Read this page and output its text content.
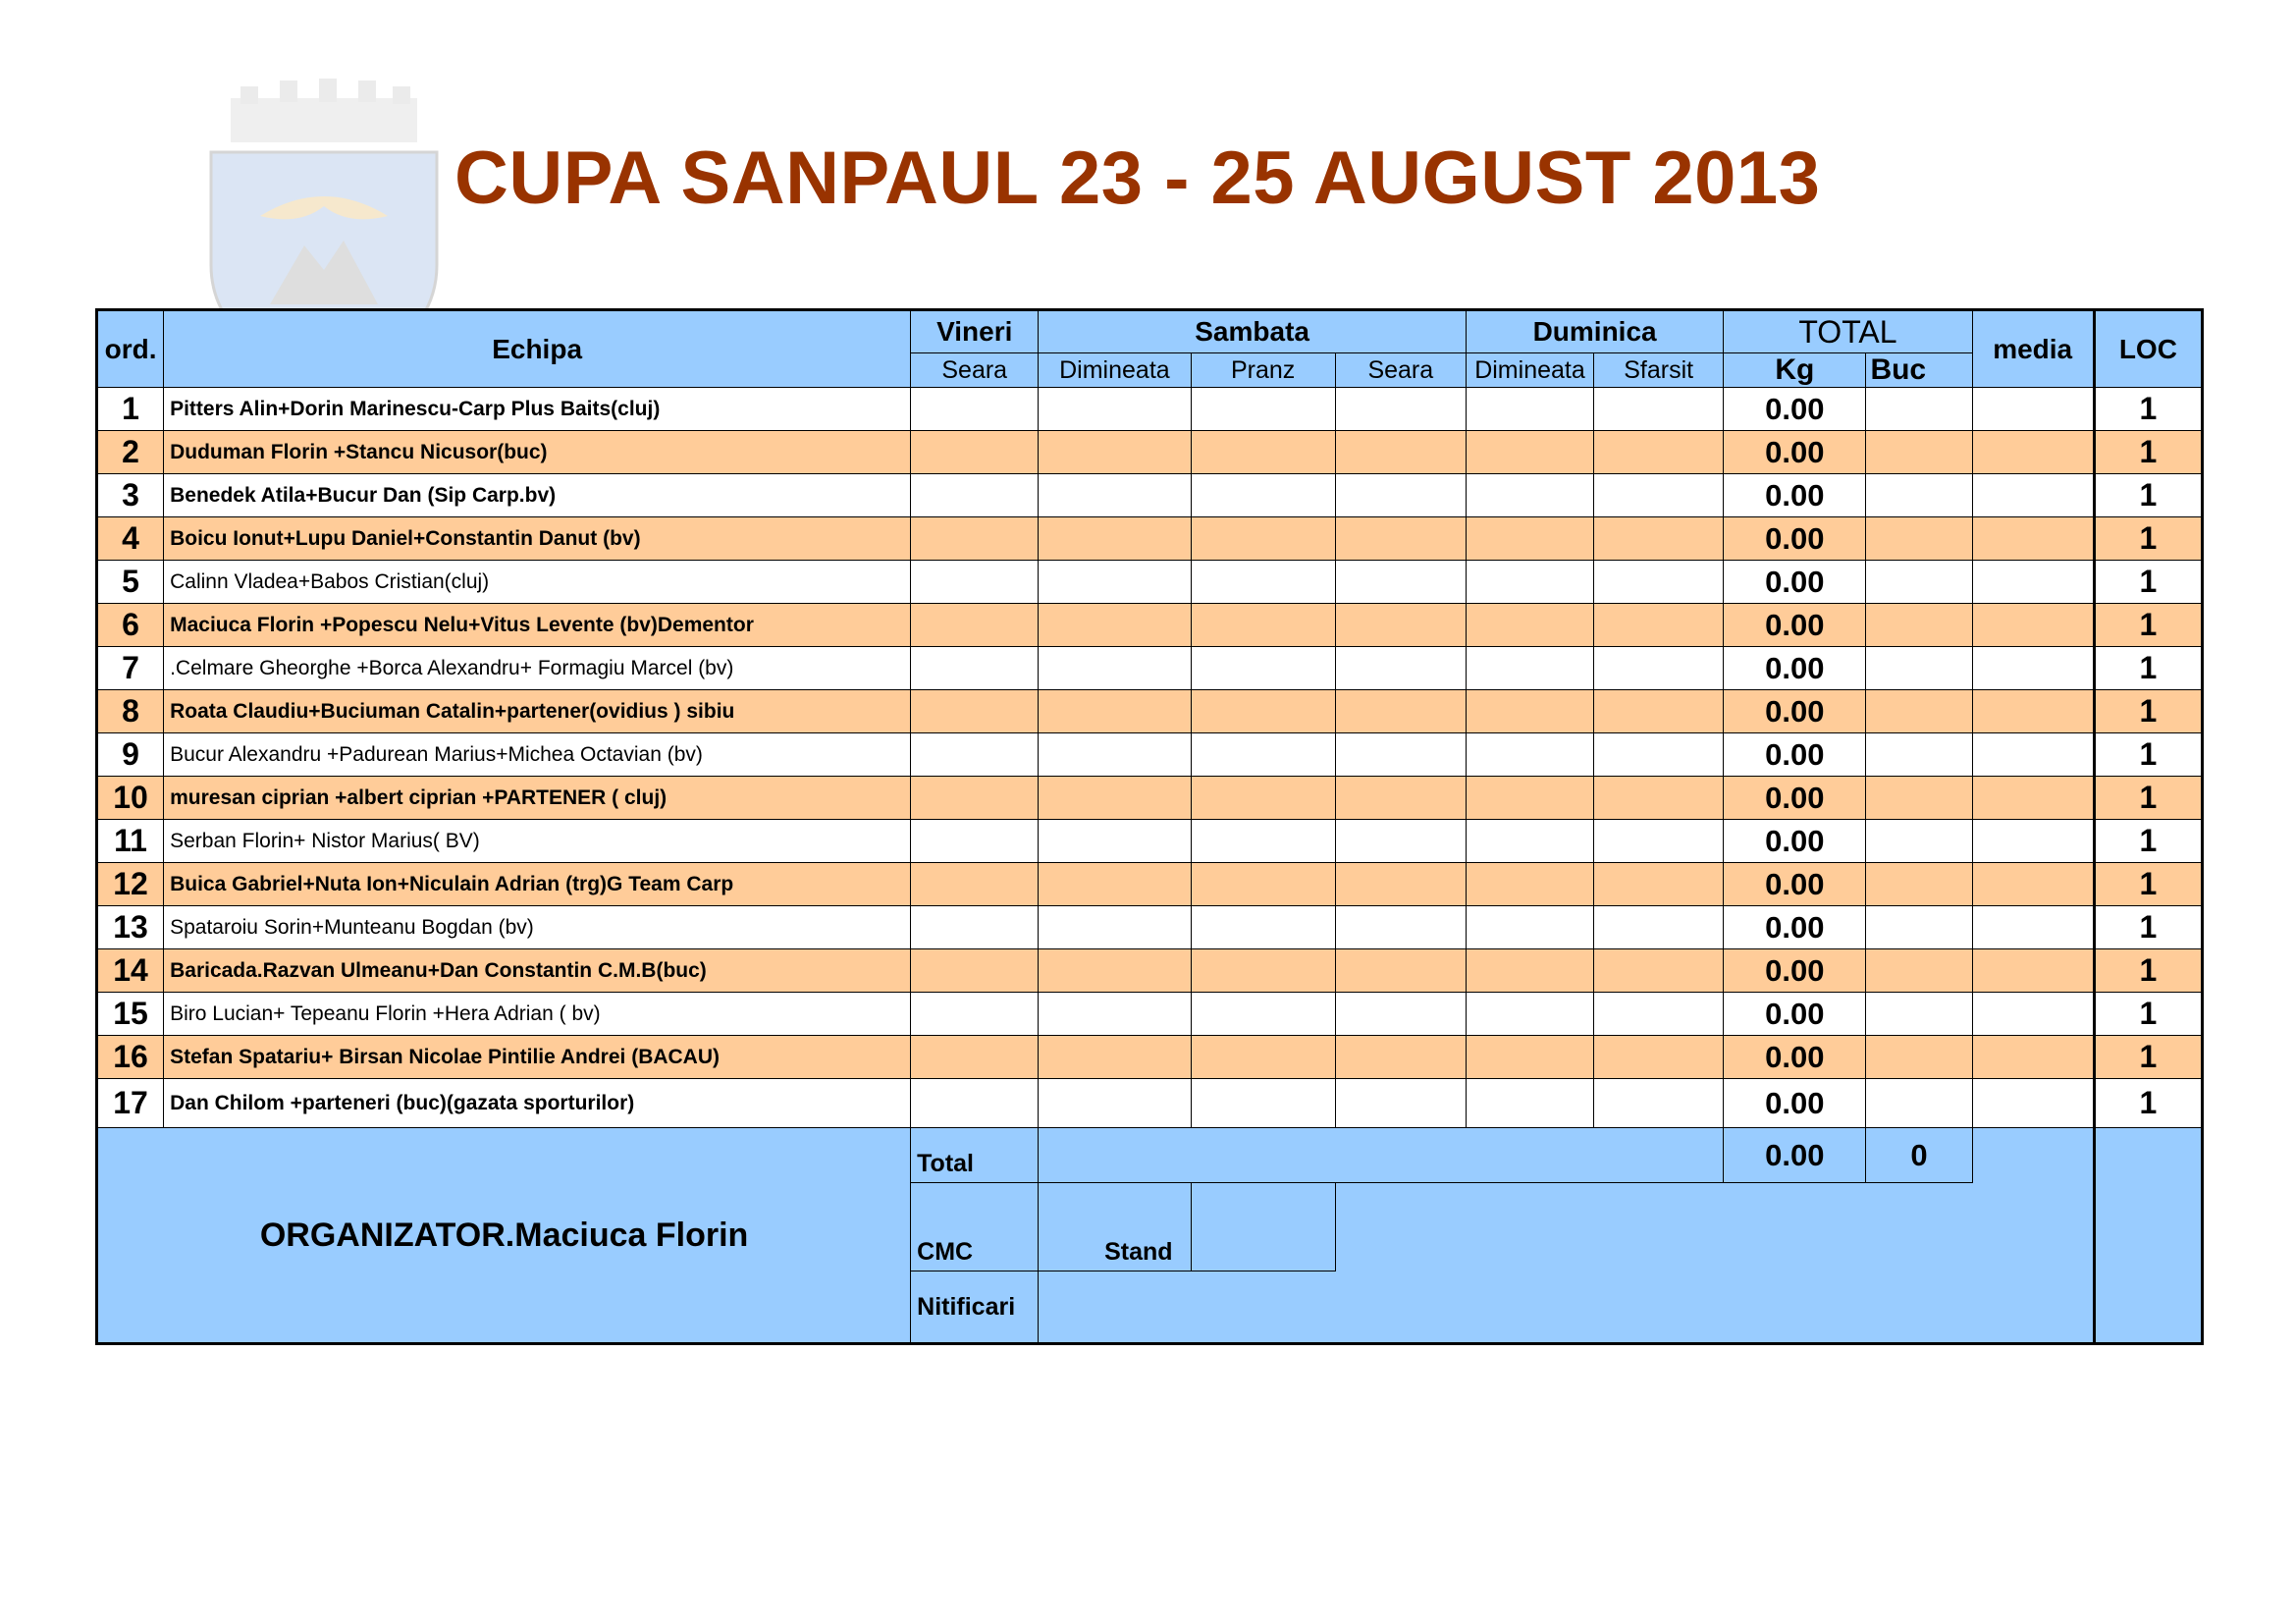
CUPA SANPAUL 23 - 25 AUGUST 2013
ord.	Echipa	Vineri	Sambata			Duminica		TOTAL		media	LOC
		Seara	Dimineata	Pranz	Seara	Dimineata	Sfarsit	Kg	Buc		
1	Pitters Alin+Dorin Marinescu-Carp Plus Baits(cluj)							0.00			1
2	Duduman Florin +Stancu Nicusor(buc)							0.00			1
3	Benedek Atila+Bucur Dan (Sip Carp.bv)							0.00			1
4	Boicu Ionut+Lupu Daniel+Constantin Danut (bv)							0.00			1
5	Calinn Vladea+Babos Cristian(cluj)							0.00			1
6	Maciuca Florin +Popescu Nelu+Vitus Levente (bv)Dementor							0.00			1
7	.Celmare Gheorghe +Borca Alexandru+ Formagiu Marcel (bv)							0.00			1
8	Roata Claudiu+Buciuman Catalin+partener(ovidius ) sibiu							0.00			1
9	Bucur Alexandru +Padurean Marius+Michea Octavian (bv)							0.00			1
10	muresan ciprian +albert ciprian +PARTENER ( cluj)							0.00			1
11	Serban Florin+ Nistor Marius( BV)							0.00			1
12	Buica Gabriel+Nuta Ion+Niculain Adrian (trg)G Team Carp							0.00			1
13	Spataroiu Sorin+Munteanu Bogdan (bv)							0.00			1
14	Baricada.Razvan Ulmeanu+Dan Constantin C.M.B(buc)							0.00			1
15	Biro Lucian+ Tepeanu Florin +Hera Adrian ( bv)							0.00			1
16	Stefan Spatariu+ Birsan Nicolae Pintilie Andrei (BACAU)							0.00			1
17	Dan Chilom +parteneri (buc)(gazata sporturilor)							0.00			1
ORGANIZATOR.Maciuca Florin		Total						0.00	0		
		CMC	Stand								
		Nitificari									
